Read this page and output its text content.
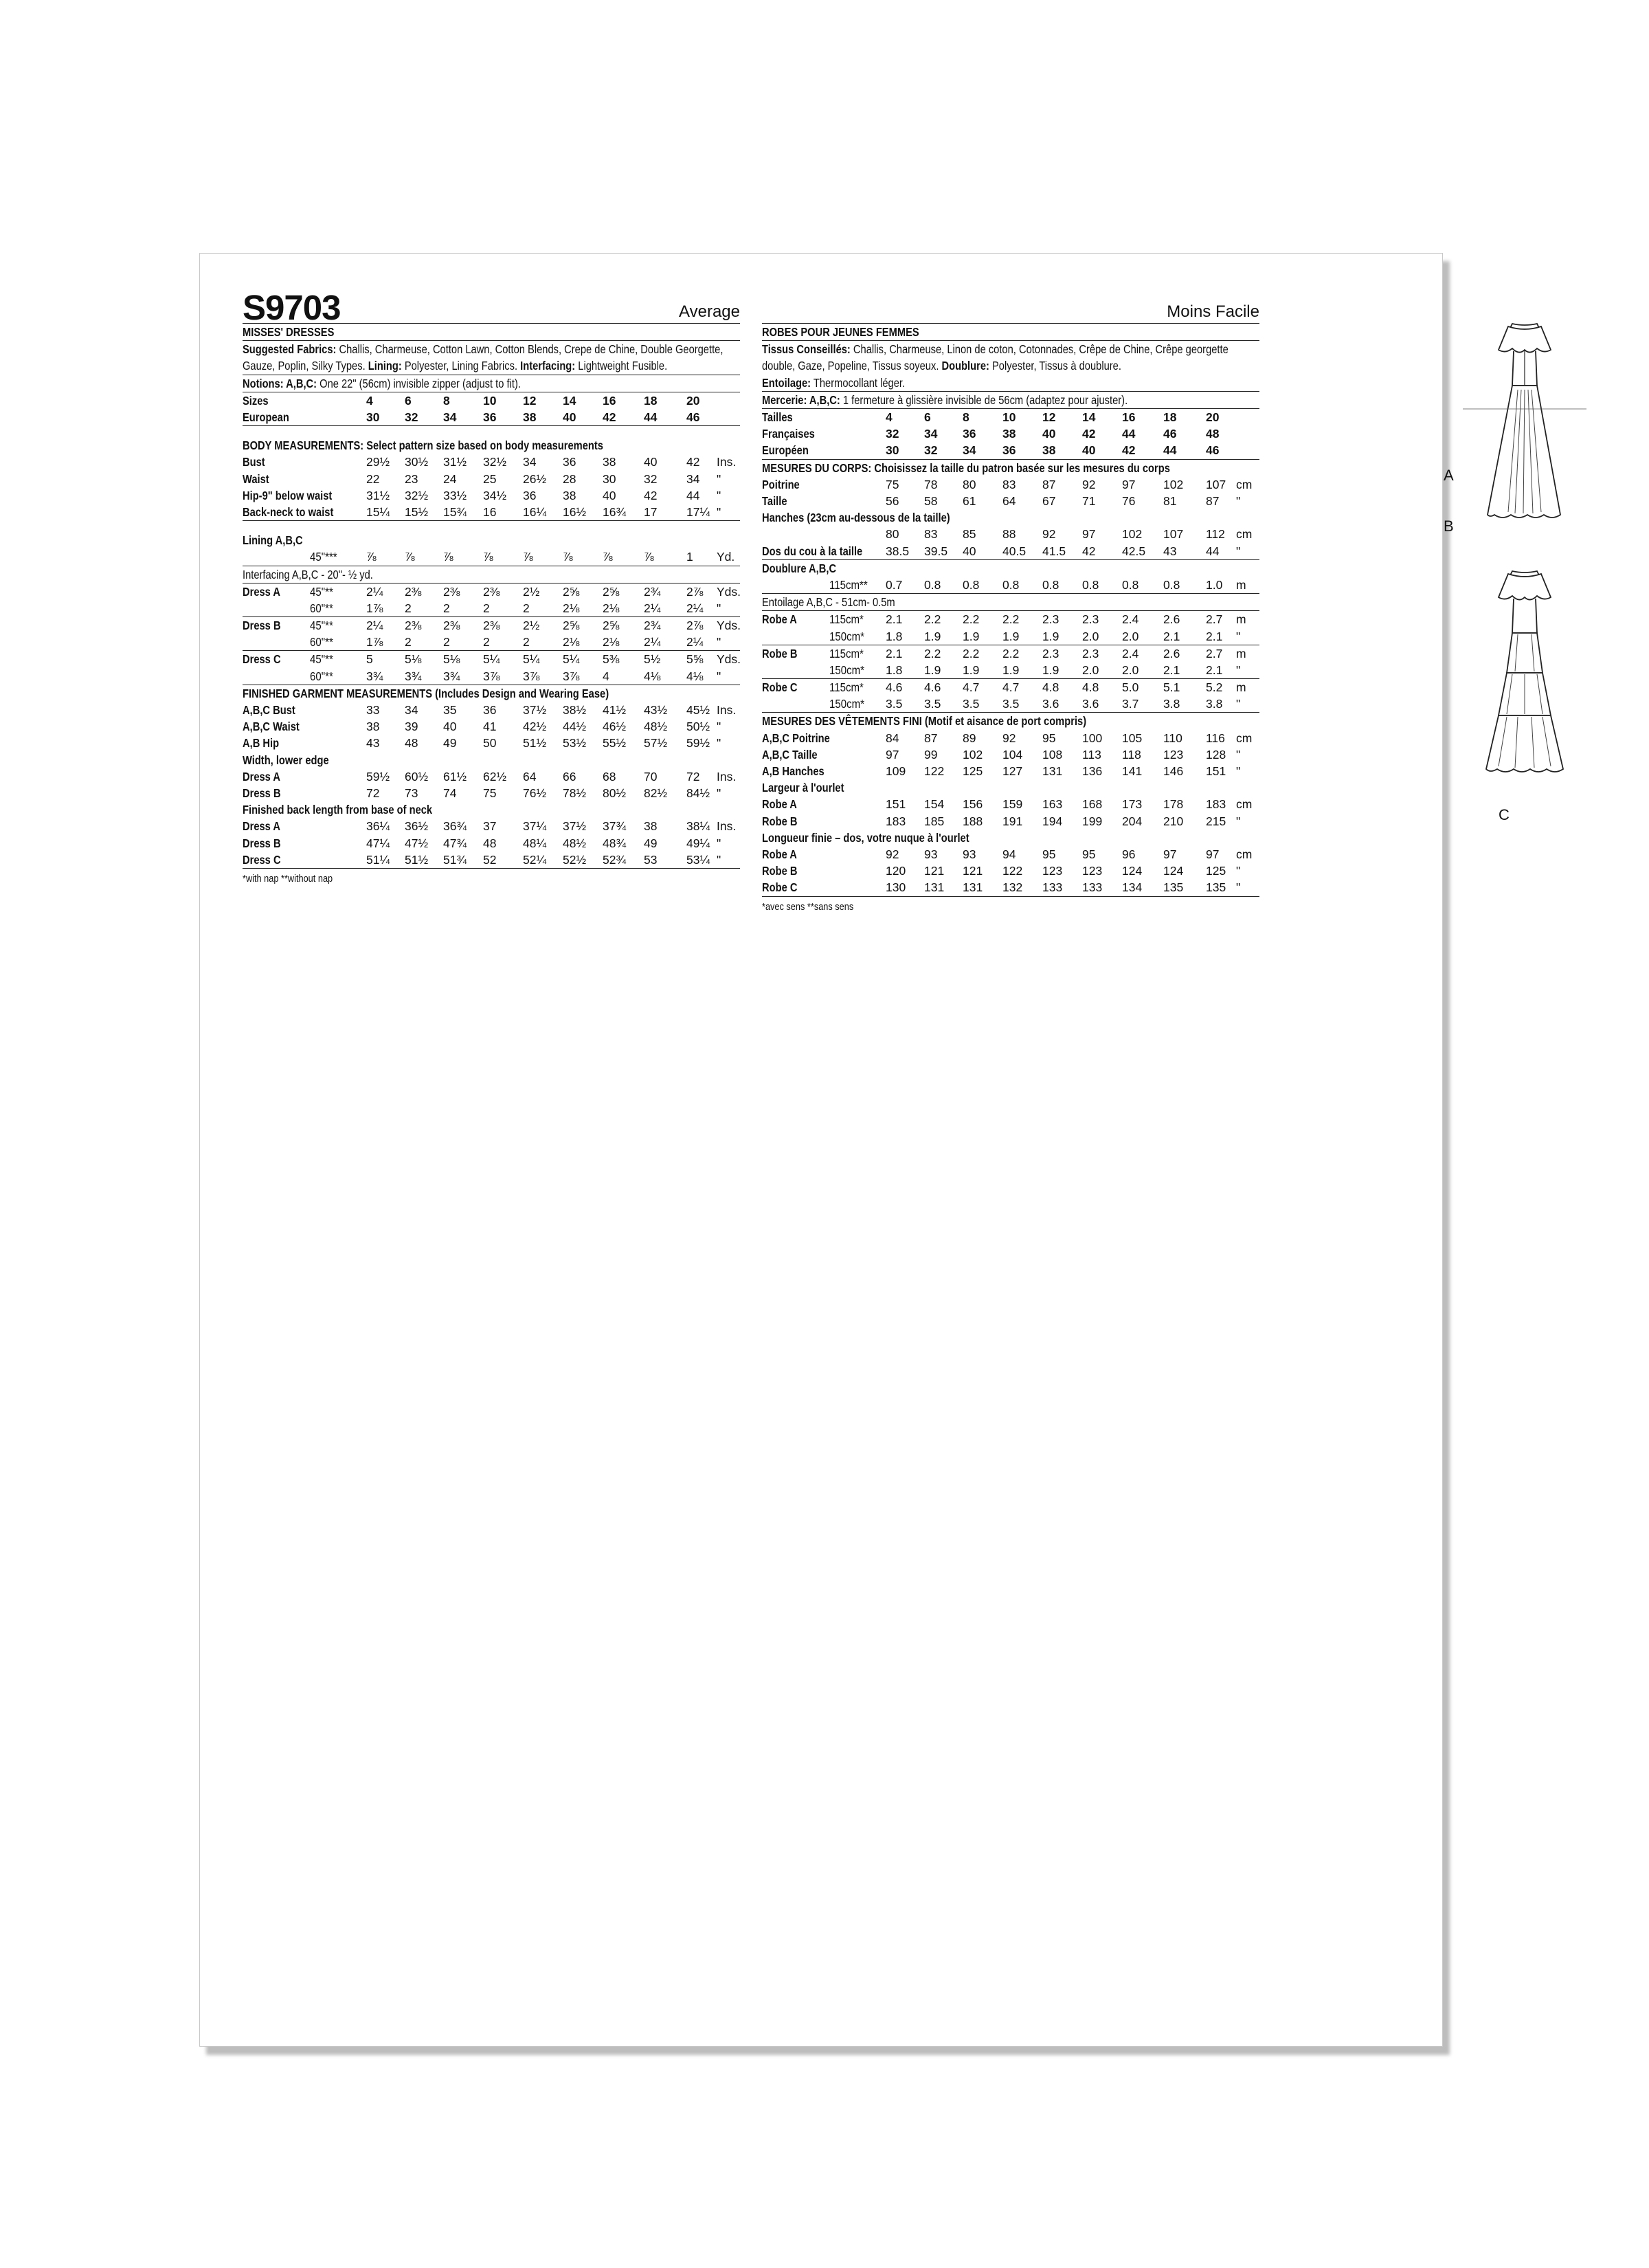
S9703	Average
MISSES' DRESSES
Suggested Fabrics: Challis, Charmeuse, Cotton Lawn, Cotton Blends, Crepe de Chine, Double Georgette, Gauze, Poplin, Silky Types. Lining: Polyester, Lining Fabrics. Interfacing: Lightweight Fusible.
Notions: A,B,C: One 22" (56cm) invisible zipper (adjust to fit).
Sizes	4	6	8	10 12 14 16 18 20
European	30 32 34 36 38 40 42 44 46
BODY MEASUREMENTS: Select pattern size based on body measurements
Bust	29½ 30½ 31½ 32½ 34 36 38 40 42 Ins.
Waist	22 23 24 25 26½ 28 30 32 34 "
Hip-9" below waist	31½ 32½ 33½ 34½ 36 38 40 42 44 "
Back-neck to waist	15¼ 15½ 15¾ 16 16¼ 16½ 16¾ 17 17¼ "
Lining A,B,C
45"*** ⅞ ⅞ ⅞ ⅞ ⅞ ⅞ ⅞	⅞	1 Yd.
Interfacing A,B,C - 20"- ½ yd.
Dress A 45"**	2¼ 2⅜ 2⅜ 2⅜ 2½ 2⅝ 2⅝ 2¾ 2⅞ Yds.
60"**	1⅞ 2	2	2	2	2⅛ 2⅛ 2¼ 2¼ "
Dress B 45"**	2¼ 2⅜ 2⅜ 2⅜ 2½ 2⅝ 2⅝ 2¾ 2⅞ Yds.
60"**	1⅞ 2	2	2	2	2⅛ 2⅛ 2¼ 2¼ "
Dress C 45"**	5	5⅛ 5⅛ 5¼ 5¼ 5¼ 5⅜ 5½ 5⅝ Yds.
60"**	3¾ 3¾ 3¾ 3⅞ 3⅞ 3⅞ 4	4⅛ 4⅛ "
FINISHED GARMENT MEASUREMENTS (Includes Design and Wearing Ease)
A,B,C Bust	33 34 35 36 37½ 38½ 41½ 43½ 45½ Ins.
A,B,C Waist	38 39 40 41 42½ 44½ 46½ 48½ 50½ "
A,B Hip	43 48 49 50 51½ 53½ 55½ 57½ 59½ "
Width, lower edge
Dress A	59½ 60½ 61½ 62½ 64 66 68 70 72 Ins.
Dress B	72 73 74 75 76½ 78½ 80½ 82½ 84½ "
Finished back length from base of neck
Dress A	36¼ 36½ 36¾ 37 37¼ 37½ 37¾ 38 38¼ Ins.
Dress B	47¼ 47½ 47¾ 48 48¼ 48½ 48¾ 49 49¼ "
Dress C	51¼ 51½ 51¾ 52 52¼ 52½ 52¾ 53 53¼ "
*with nap **without nap
Moins Facile
ROBES POUR JEUNES FEMMES
Tissus Conseillés: Challis, Charmeuse, Linon de coton, Cotonnades, Crêpe de Chine, Crêpe georgette double, Gaze, Popeline, Tissus soyeux. Doublure: Polyester, Tissus à doublure.
Entoilage: Thermocollant léger.
Mercerie: A,B,C: 1 fermeture à glissière invisible de 56cm (adaptez pour ajuster).
Tailles	4	6	8	10 12 14 16 18 20
Françaises	32 34 36 38 40 42 44 46 48
Européen	30 32 34 36 38 40 42 44 46
MESURES DU CORPS: Choisissez la taille du patron basée sur les mesures du corps
Poitrine	75 78 80 83 87 92 97 102 107 cm
Taille	56 58 61 64 67 71 76 81 87 "
Hanches (23cm au-dessous de la taille)
80 83 85 88 92 97 102 107 112 cm
Dos du cou à la taille 38.5 39.5 40 40.5 41.5 42 42.5 43 44 "
Doublure A,B,C
115cm** 0.7 0.8 0.8 0.8 0.8 0.8 0.8 0.8 1.0 m
Entoilage A,B,C - 51cm- 0.5m
Robe A	115cm* 2.1 2.2 2.2 2.2 2.3 2.3 2.4 2.6 2.7 m
150cm* 1.8 1.9 1.9 1.9 1.9 2.0 2.0 2.1 2.1 "
Robe B	115cm* 2.1 2.2 2.2 2.2 2.3 2.3 2.4 2.6 2.7 m
150cm* 1.8 1.9 1.9 1.9 1.9 2.0 2.0 2.1 2.1 "
Robe C	115cm* 4.6 4.6 4.7 4.7 4.8 4.8 5.0 5.1 5.2 m
150cm* 3.5 3.5 3.5 3.5 3.6 3.6 3.7 3.8 3.8 "
MESURES DES VÊTEMENTS FINI (Motif et aisance de port compris)
A,B,C Poitrine	84 87 89 92 95 100 105 110 116 cm
A,B,C Taille	97 99 102 104 108 113 118 123 128 "
A,B Hanches	109 122 125 127 131 136 141 146 151 "
Largeur à l'ourlet
Robe A	151 154 156 159 163 168 173 178 183 cm
Robe B	183 185 188 191 194 199 204 210 215 "
Longueur finie – dos, votre nuque à l'ourlet
Robe A	92 93 93 94 95 95 96 97 97 cm
Robe B	120 121 121 122 123 123 124 124 125 "
Robe C	130 131 131 132 133 133 134 135 135 "
*avec sens **sans sens
A
B
C
